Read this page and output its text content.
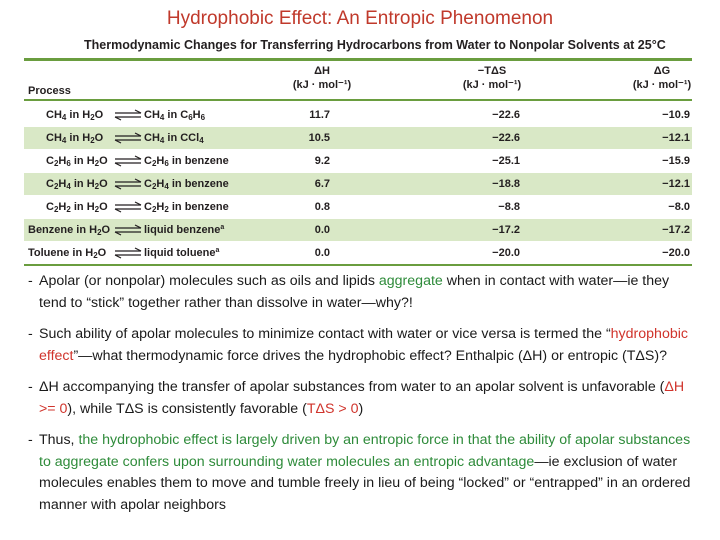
Hydrophobic Effect: An Entropic Phenomenon
Thermodynamic Changes for Transferring Hydrocarbons from Water to Nonpolar Solvents at 25°C
Process
ΔH
(kJ · mol⁻¹)
−TΔS
(kJ · mol⁻¹)
ΔG
(kJ · mol⁻¹)
$CH_4$ in $H_2O$ ⇌ $CH_4$ in $C_6H_6$	11.7	−22.6	−10.9
$CH_4$ in $H_2O$ ⇌ $CH_4$ in CCl$_4$	10.5	−22.6	−12.1
$C_2H_6$ in $H_2O$ ⇌ $C_2H_6$ in benzene	9.2	−25.1	−15.9
$C_2H_4$ in $H_2O$ ⇌ $C_2H_4$ in benzene	6.7	−18.8	−12.1
$C_2H_2$ in $H_2O$ ⇌ $C_2H_2$ in benzene	0.8	−8.8	−8.0
Benzene in $H_2O$ ⇌ liquid benzene$^a$	0.0	−17.2	−17.2
Toluene in $H_2O$ ⇌ liquid toluene$^a$	0.0	−20.0	−20.0
- Apolar (or nonpolar) molecules such as oils and lipids aggregate when in contact with water—ie they tend to “stick” together rather than dissolve in water—why?!
- Such ability of apolar molecules to minimize contact with water or vice versa is termed the “hydrophobic effect”—what thermodynamic force drives the hydrophobic effect? Enthalpic (ΔH) or entropic (TΔS)?
- ΔH accompanying the transfer of apolar substances from water to an apolar solvent is unfavorable (ΔH >= 0), while TΔS is consistently favorable (TΔS > 0)
- Thus, the hydrophobic effect is largely driven by an entropic force in that the ability of apolar substances to aggregate confers upon surrounding water molecules an entropic advantage—ie exclusion of water molecules enables them to move and tumble freely in lieu of being “locked” or “entrapped” in an ordered manner with apolar neighbors
